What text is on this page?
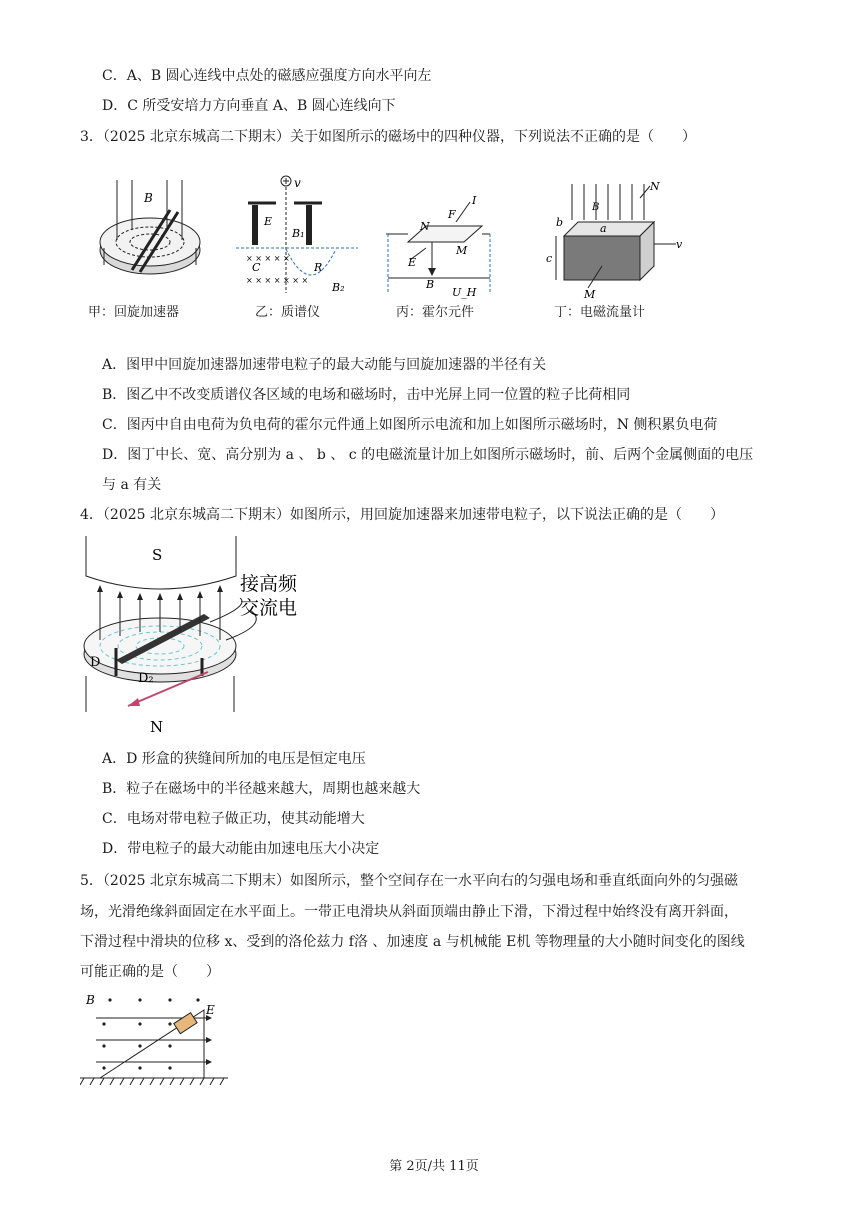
C．A、B 圆心连线中点处的磁感应强度方向水平向左
D．C 所受安培力方向垂直 A、B 圆心连线向下
3．（2025 北京东城高二下期末）关于如图所示的磁场中的四种仪器，下列说法不正确的是（　　）
B
v
E
B₁
C	R
B₂
× × × × × × ×
× × × × ×
N
F
I
M
E
B
U_H
v
N
B
a
b
c
M
甲：回旋加速器	乙：质谱仪	丙：霍尔元件	丁：电磁流量计
A．图甲中回旋加速器加速带电粒子的最大动能与回旋加速器的半径有关
B．图乙中不改变质谱仪各区域的电场和磁场时，击中光屏上同一位置的粒子比荷相同
C．图丙中自由电荷为负电荷的霍尔元件通上如图所示电流和加上如图所示磁场时，N 侧积累负电荷
D．图丁中长、宽、高分别为 a 、 b 、 c 的电磁流量计加上如图所示磁场时，前、后两个金属侧面的电压
与 a 有关
4．（2025 北京东城高二下期末）如图所示，用回旋加速器来加速带电粒子，以下说法正确的是（　　）
S
D
D₂
N
接高频
交流电
A．D 形盒的狭缝间所加的电压是恒定电压
B．粒子在磁场中的半径越来越大，周期也越来越大
C．电场对带电粒子做正功，使其动能增大
D．带电粒子的最大动能由加速电压大小决定
5．（2025 北京东城高二下期末）如图所示，整个空间存在一水平向右的匀强电场和垂直纸面向外的匀强磁
场，光滑绝缘斜面固定在水平面上。一带正电滑块从斜面顶端由静止下滑，下滑过程中始终没有离开斜面，
下滑过程中滑块的位移 x、受到的洛伦兹力 f洛 、加速度 a 与机械能 E机 等物理量的大小随时间变化的图线
可能正确的是（　　）
B
E
第 2页/共 11页
